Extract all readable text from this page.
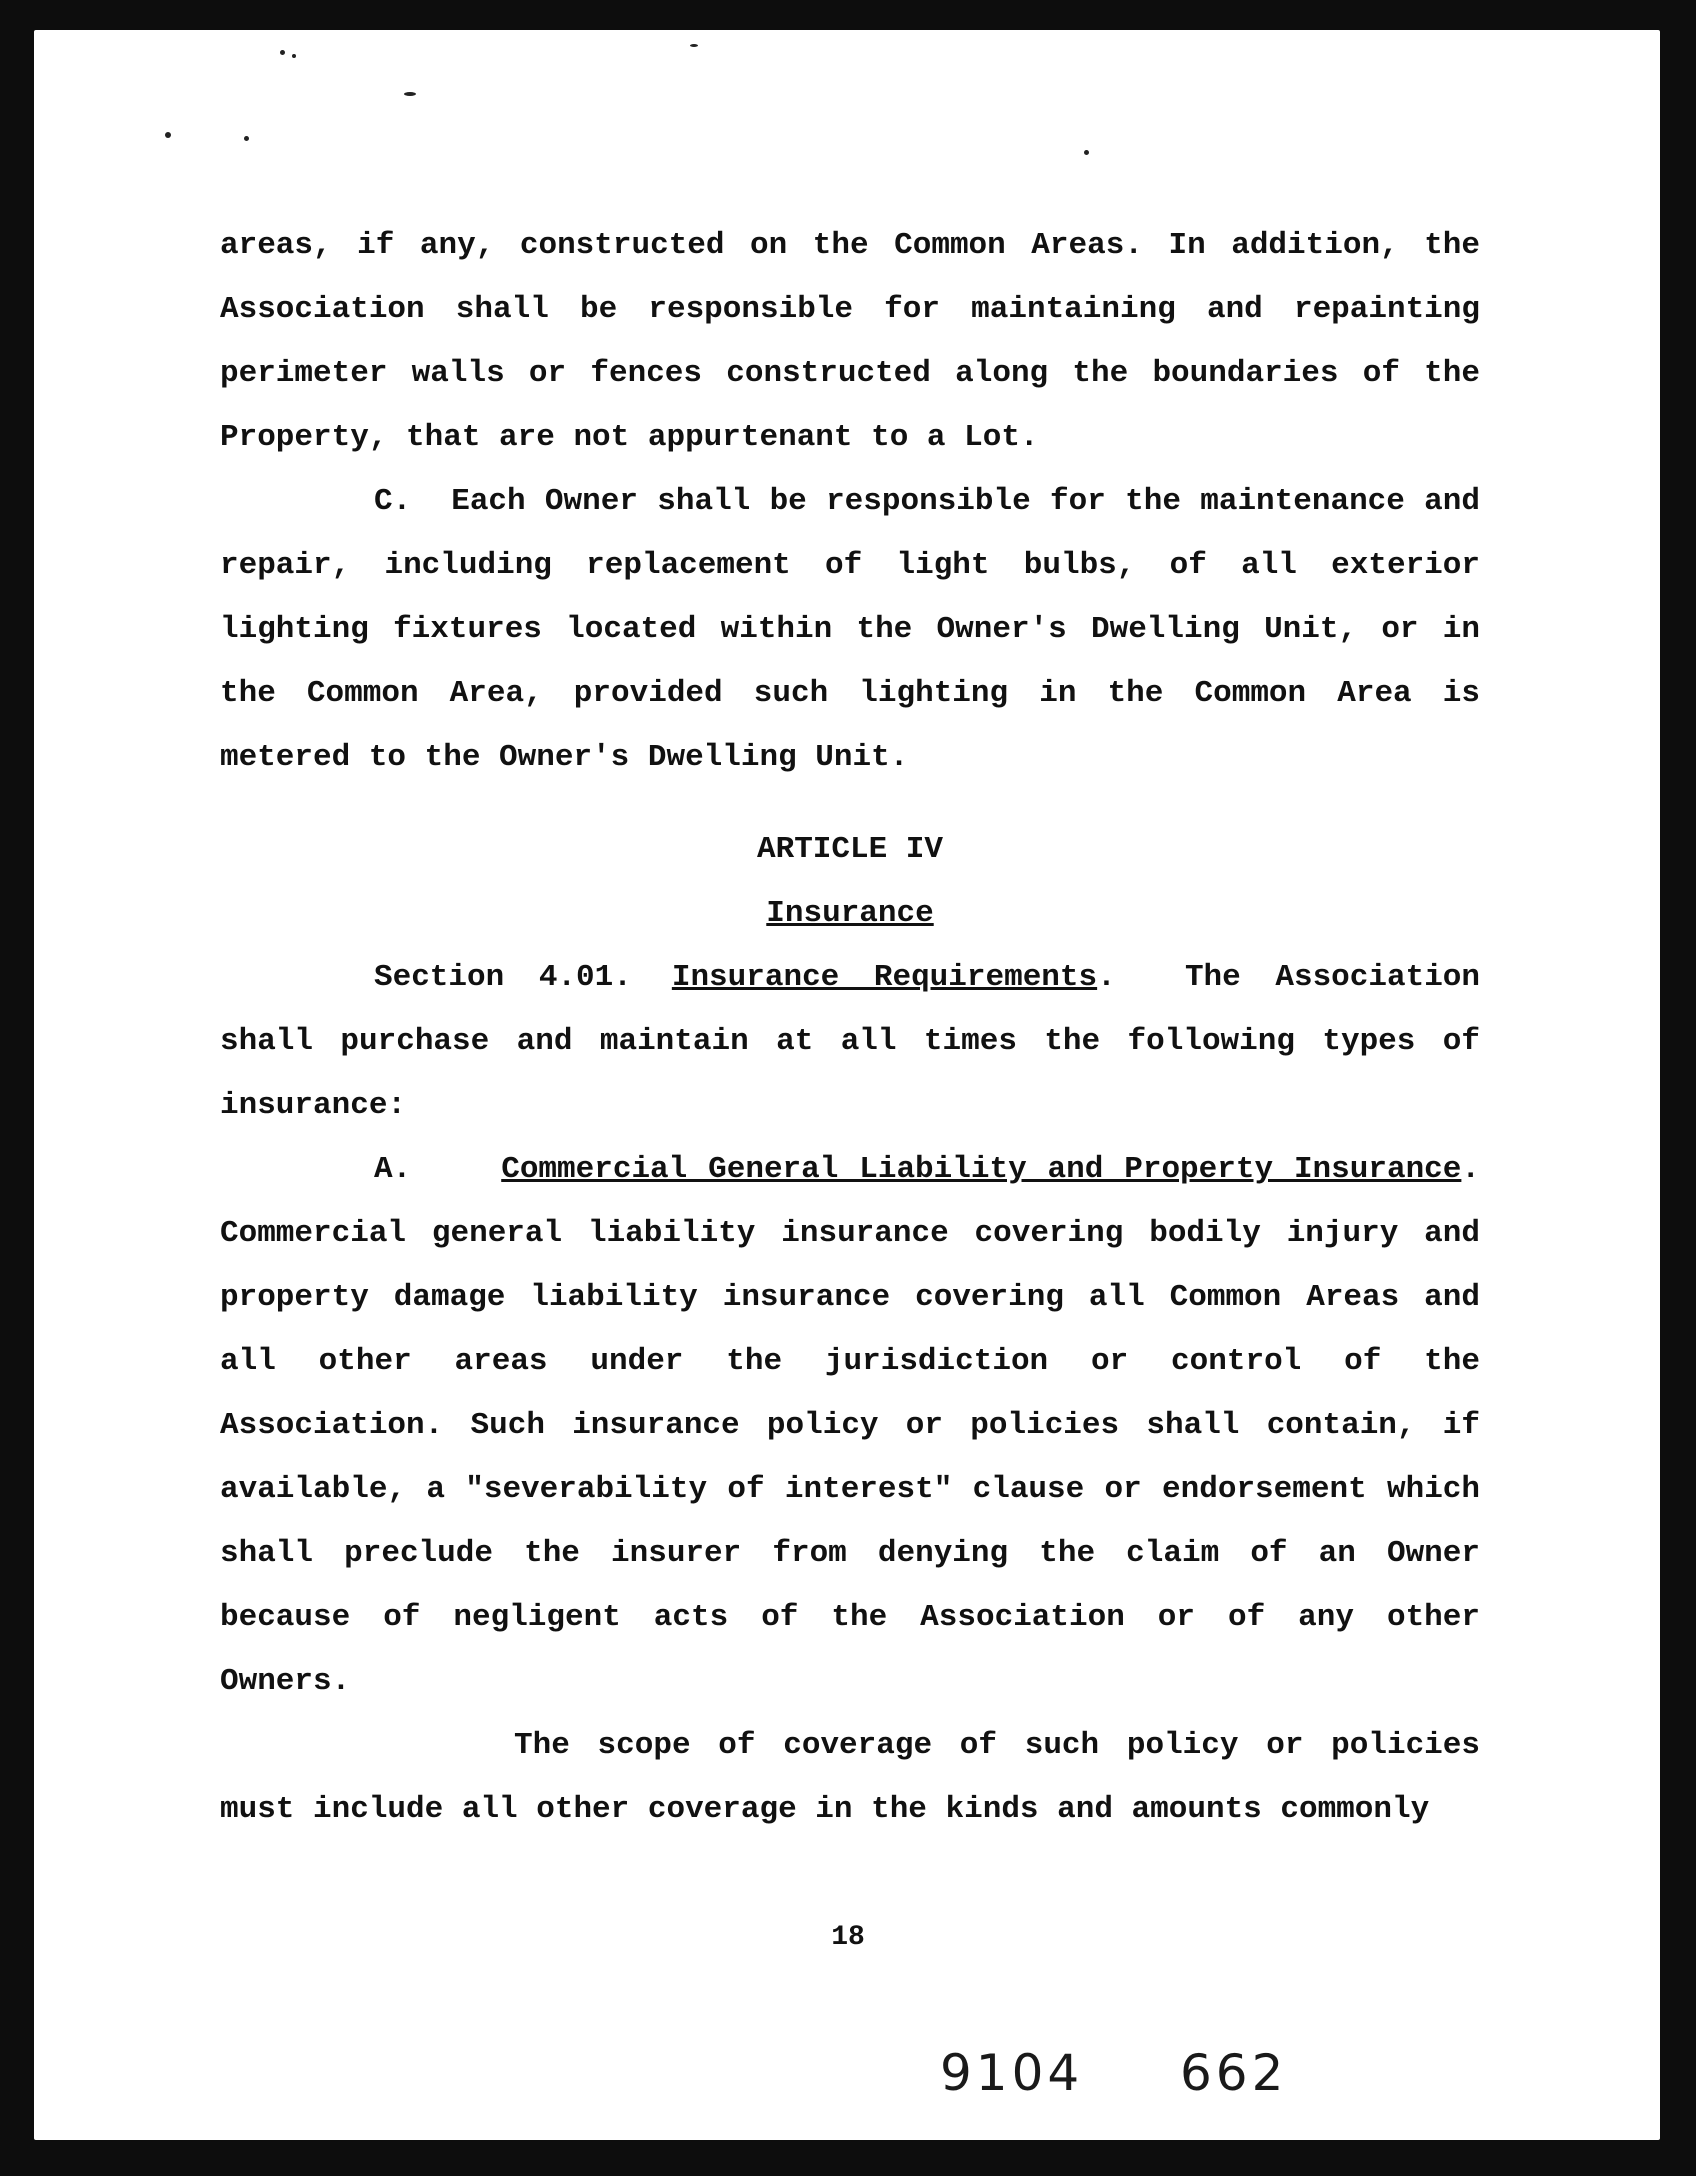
areas, if any, constructed on the Common Areas. In addition, the Association shall be responsible for maintaining and repainting perimeter walls or fences constructed along the boundaries of the Property, that are not appurtenant to a Lot.

C. Each Owner shall be responsible for the maintenance and repair, including replacement of light bulbs, of all exterior lighting fixtures located within the Owner's Dwelling Unit, or in the Common Area, provided such lighting in the Common Area is metered to the Owner's Dwelling Unit.

ARTICLE IV

Insurance

Section 4.01. Insurance Requirements.  The Association shall purchase and maintain at all times the following types of insurance:

A.	Commercial General Liability and Property Insurance. Commercial general liability insurance covering bodily injury and property damage liability insurance covering all Common Areas and all other areas under the jurisdiction or control of the Association. Such insurance policy or policies shall contain, if available, a "severability of interest" clause or endorsement which shall preclude the insurer from denying the claim of an Owner because of negligent acts of the Association or of any other Owners.

The scope of coverage of such policy or policies must include all other coverage in the kinds and amounts commonly

18
9104 662
